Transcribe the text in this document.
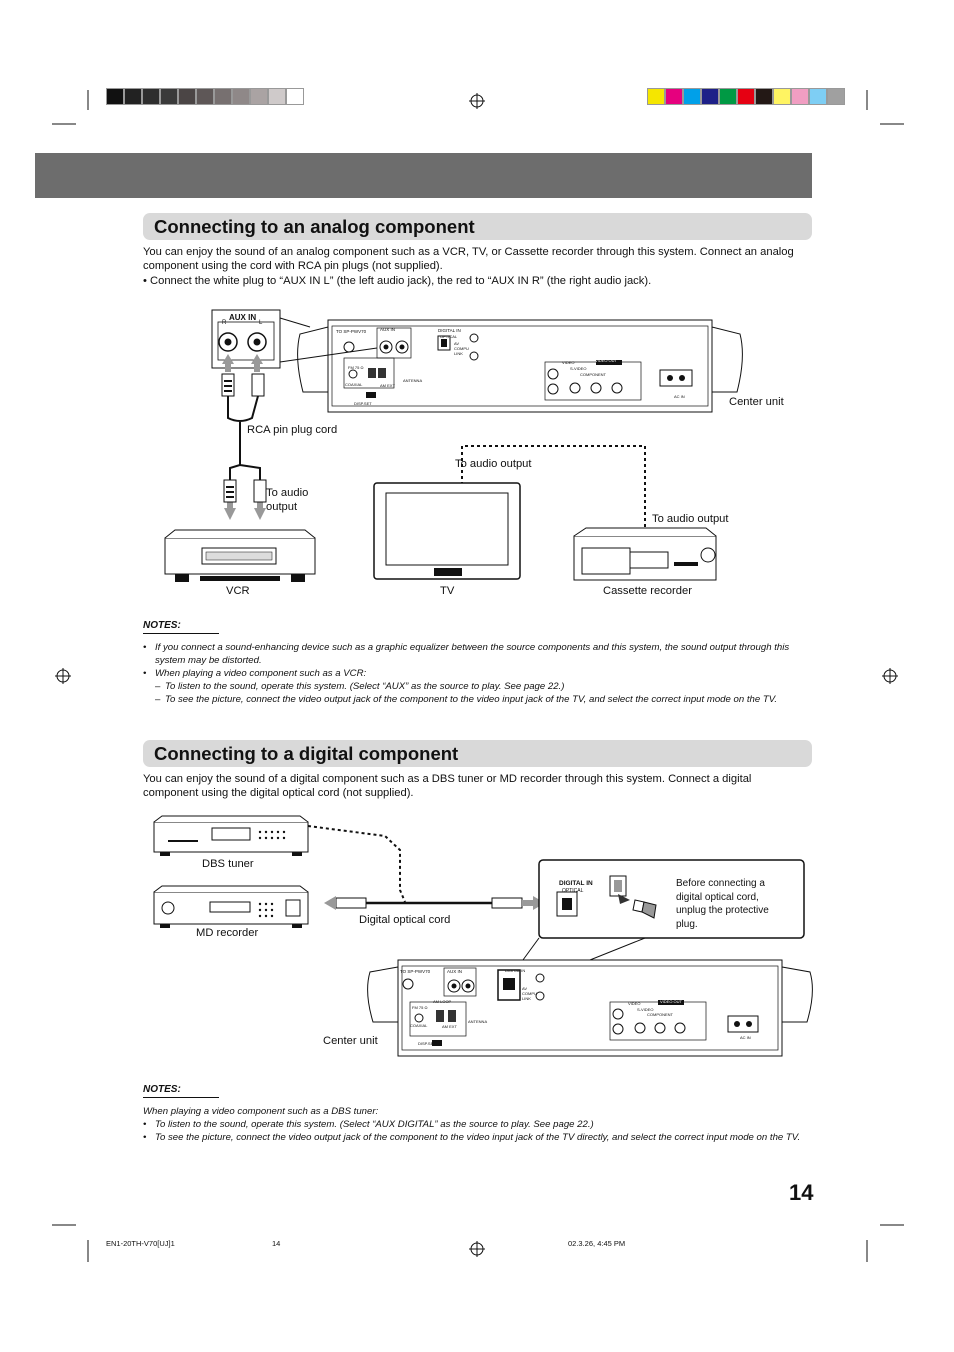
Connecting to an analog component

You can enjoy the sound of an analog component such as a VCR, TV, or Cassette recorder through this system. Connect an analog component using the cord with RCA pin plugs (not supplied).

• Connect the white plug to “AUX IN L” (the left audio jack), the red to “AUX IN R” (the right audio jack).

AUX IN
R	L
TO SP-PWV70	AUX IN	DIGITAL IN
OPTICAL
AV COMPU LINK
VIDEO
S-VIDEO
COMPONENT
VIDEO OUT
FM 75 Ω
COAXIAL	AM EXT
ANTENNA
DISP.SET
AC IN	Center unit
RCA pin plug cord
To audio output
To audio output
To audio output
VCR	TV	Cassette recorder
NOTES:
• If you connect a sound-enhancing device such as a graphic equalizer between the source components and this system, the sound output through this system may be distorted.
• When playing a video component such as a VCR:
– To listen to the sound, operate this system. (Select “AUX” as the source to play. See page 22.)
– To see the picture, connect the video output jack of the component to the video input jack of the TV, and select the correct input mode on the TV.
Connecting to a digital component

You can enjoy the sound of a digital component such as a DBS tuner or MD recorder through this system. Connect a digital component using the digital optical cord (not supplied).

DIGITAL IN
OPTICAL
Before connecting a digital optical cord, unplug the protective plug.
DBS tuner
Digital optical cord
MD recorder
Center unit
TO SP-PWV70	AUX IN	DIGITAL IN
AV COMPU LINK
VIDEO
S-VIDEO
COMPONENT
VIDEO OUT
FM 75 Ω
AM LOOP
COAXIAL	AM EXT
ANTENNA
DISP.SET
AC IN
NOTES:
When playing a video component such as a DBS tuner:
• To listen to the sound, operate this system. (Select “AUX DIGITAL” as the source to play. See page 22.)
• To see the picture, connect the video output jack of the component to the video input jack of the TV directly, and select the correct input mode on the TV.
14
EN1-20TH-V70[UJ]1	14	02.3.26, 4:45 PM
